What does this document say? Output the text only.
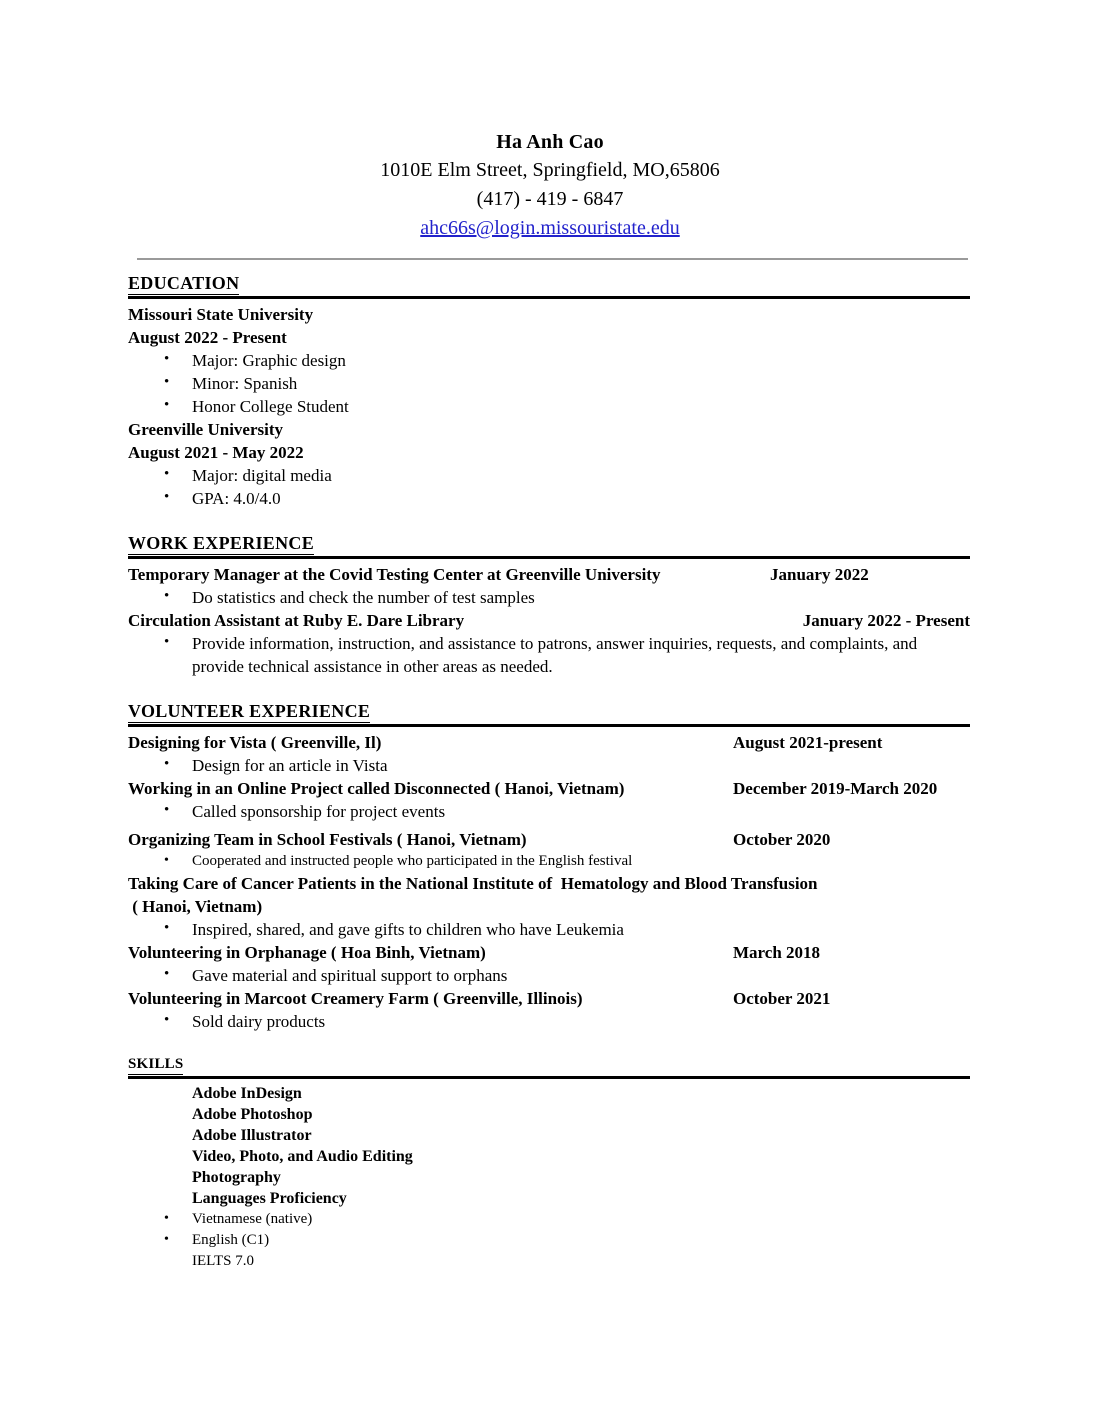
Ha Anh Cao
1010E Elm Street, Springfield, MO,65806
(417) - 419 - 6847
ahc66s@login.missouristate.edu
EDUCATION
Missouri State University
August 2022 - Present
• Major: Graphic design
• Minor: Spanish
• Honor College Student
Greenville University
August 2021 - May 2022
• Major: digital media
• GPA: 4.0/4.0
WORK EXPERIENCE
Temporary Manager at the Covid Testing Center at Greenville University	January 2022
• Do statistics and check the number of test samples
Circulation Assistant at Ruby E. Dare Library	January 2022 - Present
• Provide information, instruction, and assistance to patrons, answer inquiries, requests, and complaints, and provide technical assistance in other areas as needed.
VOLUNTEER EXPERIENCE
Designing for Vista ( Greenville, Il)	August 2021-present
• Design for an article in Vista
Working in an Online Project called Disconnected ( Hanoi, Vietnam)	December 2019-March 2020
• Called sponsorship for project events
Organizing Team in School Festivals ( Hanoi, Vietnam)	October 2020
• Cooperated and instructed people who participated in the English festival
Taking Care of Cancer Patients in the National Institute of  Hematology and Blood Transfusion
( Hanoi, Vietnam)
• Inspired, shared, and gave gifts to children who have Leukemia
Volunteering in Orphanage ( Hoa Binh, Vietnam)	March 2018
• Gave material and spiritual support to orphans
Volunteering in Marcoot Creamery Farm ( Greenville, Illinois)	October 2021
• Sold dairy products
SKILLS
Adobe InDesign
Adobe Photoshop
Adobe Illustrator
Video, Photo, and Audio Editing
Photography
Languages Proficiency
• Vietnamese (native)
• English (C1)
IELTS 7.0
